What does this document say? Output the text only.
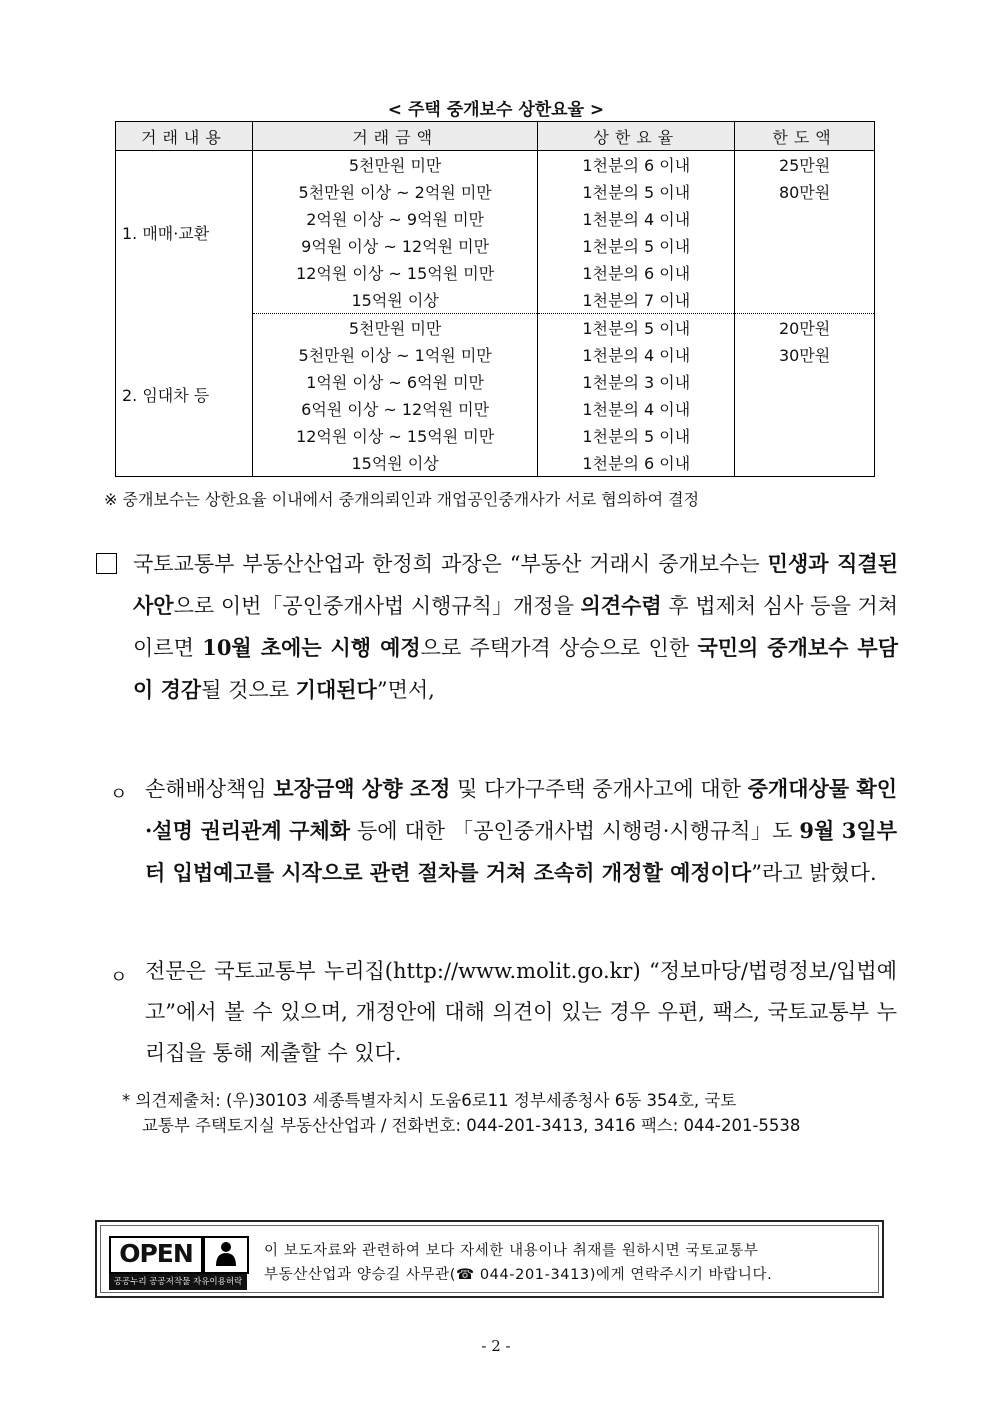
< 주택 중개보수 상한요율 >
거래내용	거래금액	상한요율	한도액
1. 매매·교환	5천만원 미만	1천분의 6 이내	25만원
	5천만원 이상 ~ 2억원 미만	1천분의 5 이내	80만원
	2억원 이상 ~ 9억원 미만	1천분의 4 이내	
	9억원 이상 ~ 12억원 미만	1천분의 5 이내	
	12억원 이상 ~ 15억원 미만	1천분의 6 이내	
	15억원 이상	1천분의 7 이내	
2. 임대차 등	5천만원 미만	1천분의 5 이내	20만원
	5천만원 이상 ~ 1억원 미만	1천분의 4 이내	30만원
	1억원 이상 ~ 6억원 미만	1천분의 3 이내	
	6억원 이상 ~ 12억원 미만	1천분의 4 이내	
	12억원 이상 ~ 15억원 미만	1천분의 5 이내	
	15억원 이상	1천분의 6 이내	
※ 중개보수는 상한요율 이내에서 중개의뢰인과 개업공인중개사가 서로 협의하여 결정
국토교통부 부동산산업과 한정희 과장은 “부동산 거래시 중개보수는 민생과 직결된 사안으로 이번「공인중개사법 시행규칙」개정을 의견수렴 후 법제처 심사 등을 거쳐 이르면 10월 초에는 시행 예정으로 주택가격 상승으로 인한 국민의 중개보수 부담이 경감될 것으로 기대된다”면서,
ㅇ 손해배상책임 보장금액 상향 조정 및 다가구주택 중개사고에 대한 중개대상물 확인·설명 권리관계 구체화 등에 대한 「공인중개사법 시행령·시행규칙」도 9월 3일부터 입법예고를 시작으로 관련 절차를 거쳐 조속히 개정할 예정이다”라고 밝혔다.
ㅇ 전문은 국토교통부 누리집(http://www.molit.go.kr) “정보마당/법령정보/입법예고”에서 볼 수 있으며, 개정안에 대해 의견이 있는 경우 우편, 팩스, 국토교통부 누리집을 통해 제출할 수 있다.
* 의견제출처: (우)30103 세종특별자치시 도움6로11 정부세종청사 6동 354호, 국토
교통부 주택토지실 부동산산업과 / 전화번호: 044-201-3413, 3416 팩스: 044-201-5538
OPEN
공공누리 공공저작물 자유이용허락
이 보도자료와 관련하여 보다 자세한 내용이나 취재를 원하시면 국토교통부
부동산산업과 양승길 사무관(☎ 044-201-3413)에게 연락주시기 바랍니다.
- 2 -
